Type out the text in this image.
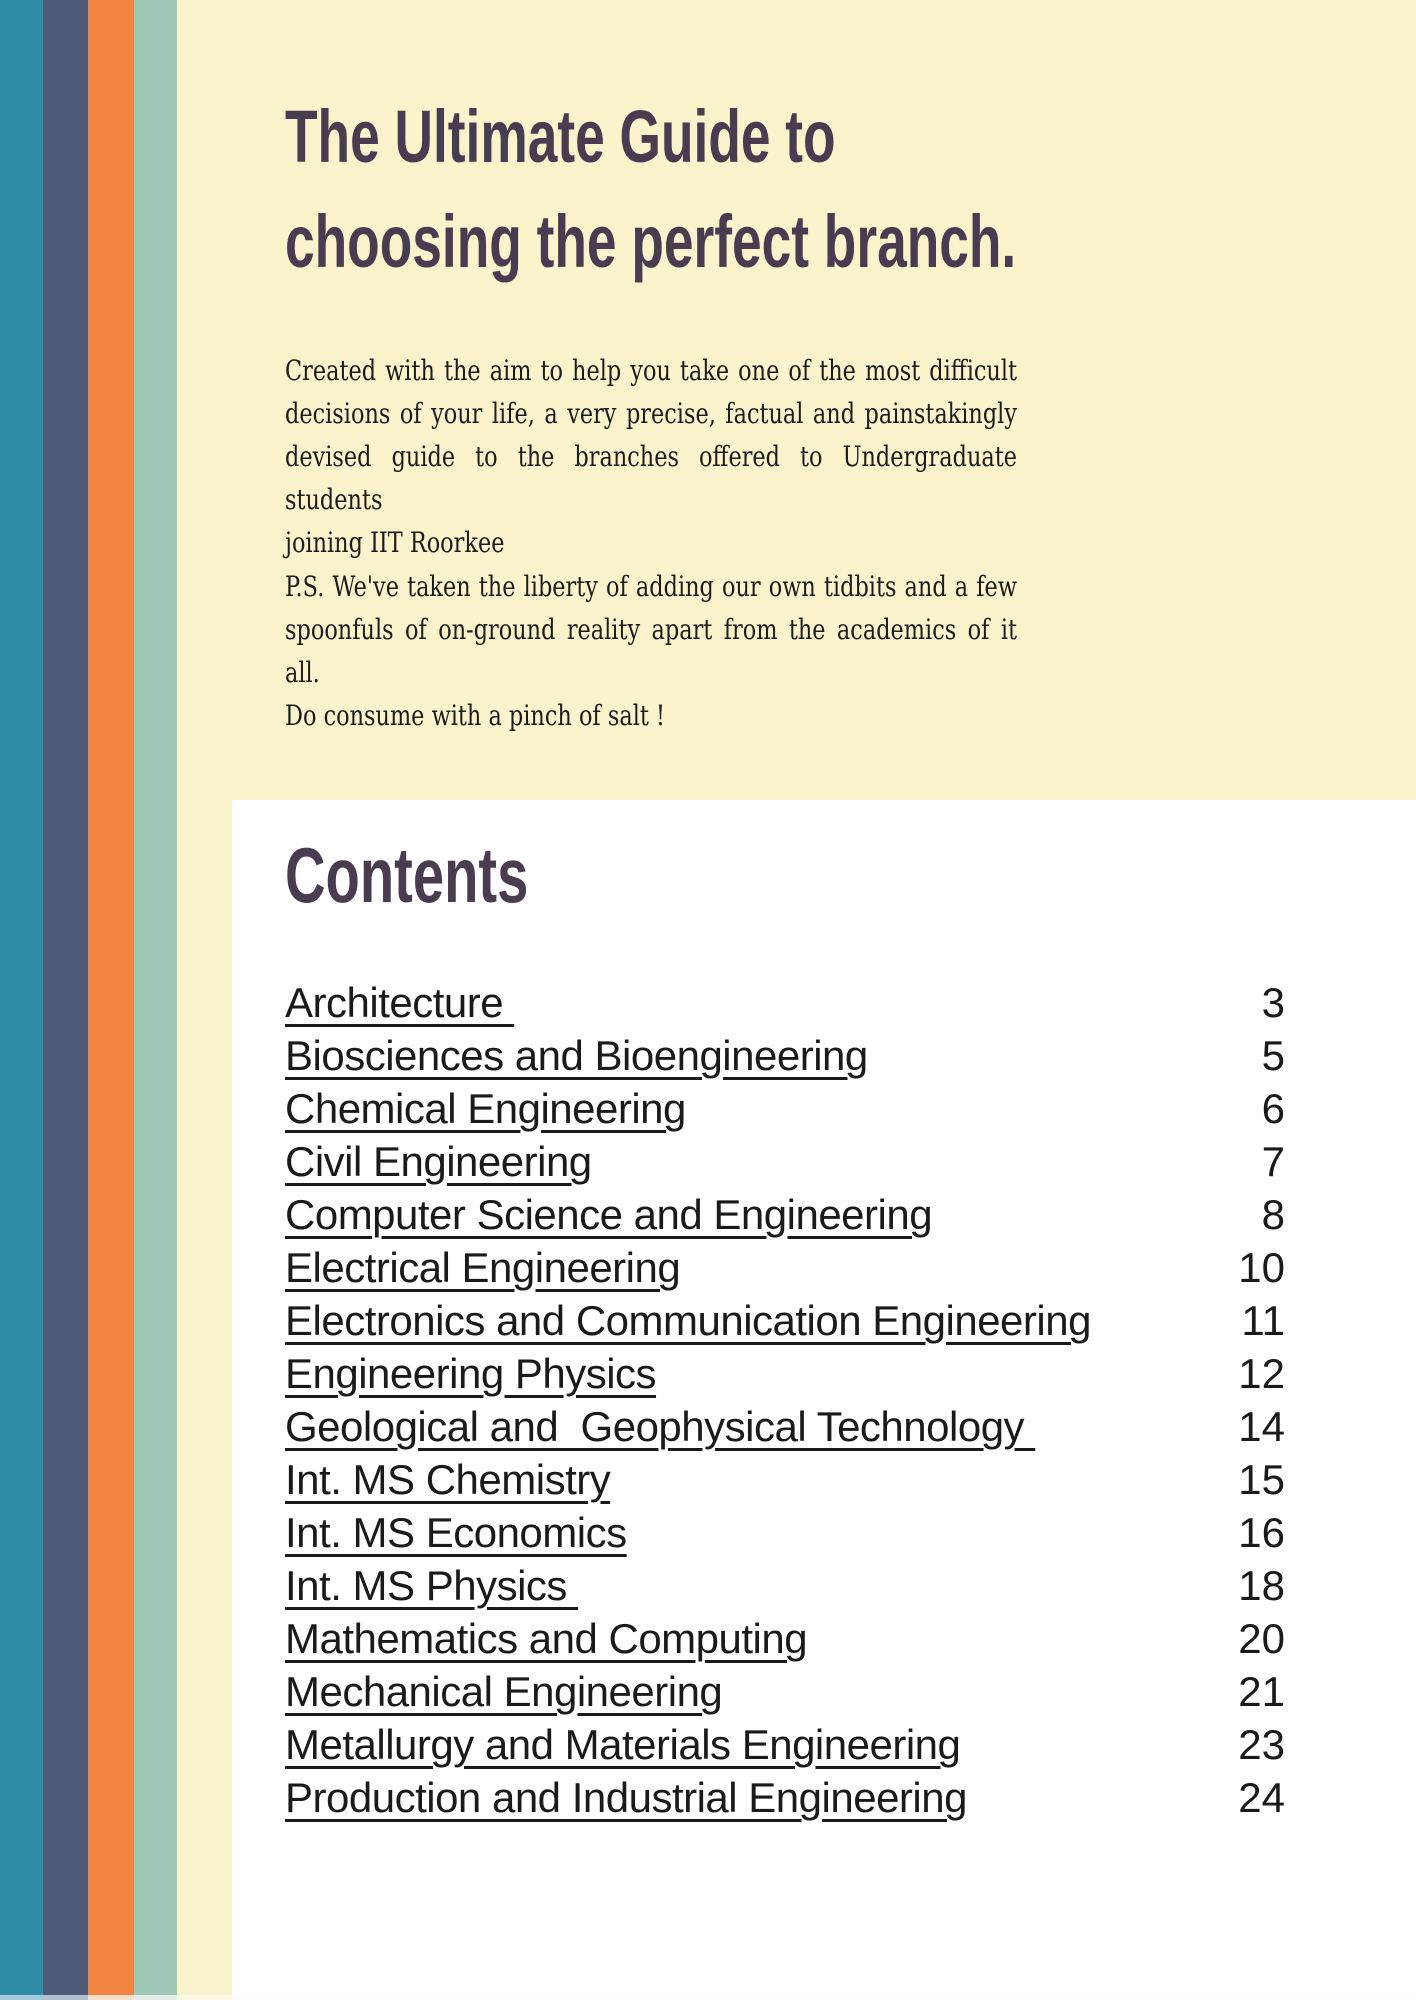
The Ultimate Guide to
choosing the perfect branch.
Created with the aim to help you take one of the most difficult
decisions of your life, a very precise, factual and painstakingly
devised guide to the branches offered to Undergraduate students
joining IIT Roorkee
P.S. We've taken the liberty of adding our own tidbits and a few
spoonfuls of on-ground reality apart from the academics of it all.
Do consume with a pinch of salt !
Contents
Architecture	3
Biosciences and Bioengineering	5
Chemical Engineering	6
Civil Engineering	7
Computer Science and Engineering	8
Electrical Engineering	10
Electronics and Communication Engineering	11
Engineering Physics	12
Geological and  Geophysical Technology	14
Int. MS Chemistry	15
Int. MS Economics	16
Int. MS Physics	18
Mathematics and Computing	20
Mechanical Engineering	21
Metallurgy and Materials Engineering	23
Production and Industrial Engineering	24
